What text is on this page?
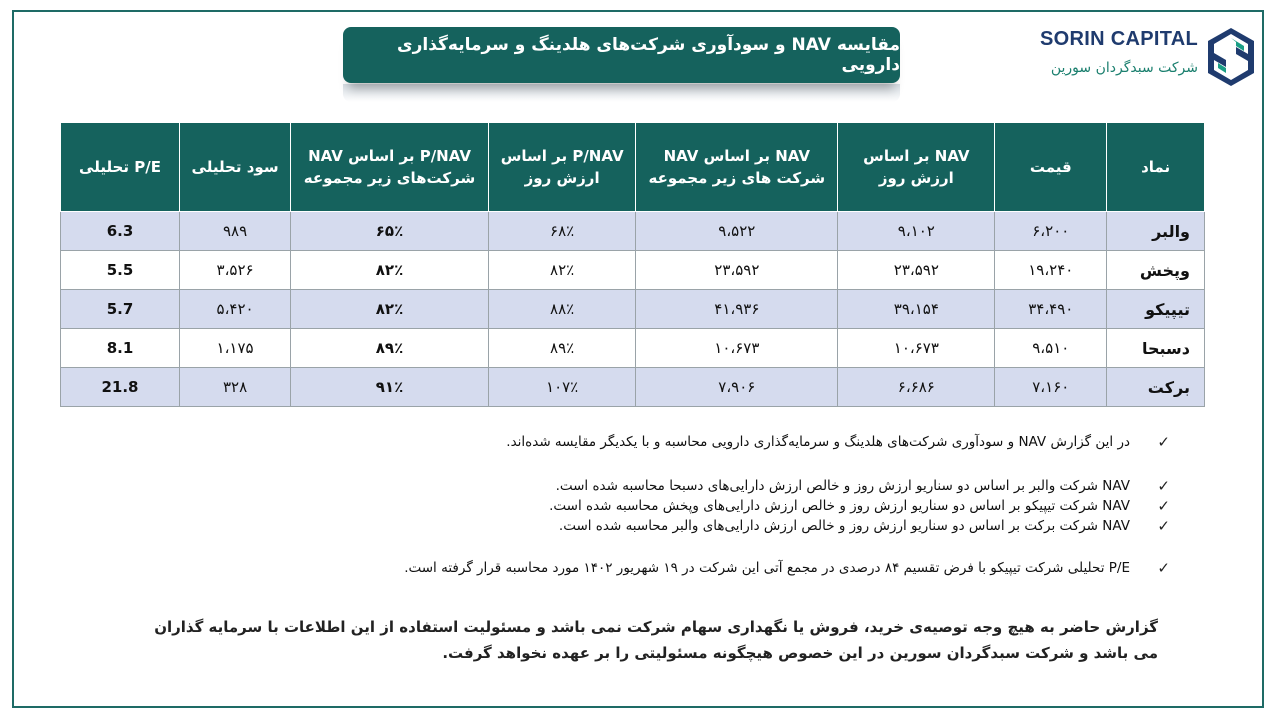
مقایسه NAV و سودآوری شرکت‌های هلدینگ و سرمایه‌گذاری دارویی
SORIN CAPITAL
شرکت سبدگردان سورین
نماد	قیمت	NAV بر اساس ارزش روز	NAV بر اساس NAV شرکت های زیر مجموعه	P/NAV بر اساس ارزش روز	P/NAV بر اساس NAV شرکت‌های زیر مجموعه	سود تحلیلی	P/E تحلیلی
والبر	۶،۲۰۰	۹،۱۰۲	۹،۵۲۲	۶۸٪	۶۵٪	۹۸۹	6.3
وپخش	۱۹،۲۴۰	۲۳،۵۹۲	۲۳،۵۹۲	۸۲٪	۸۲٪	۳،۵۲۶	5.5
تیپیکو	۳۴،۴۹۰	۳۹،۱۵۴	۴۱،۹۳۶	۸۸٪	۸۲٪	۵،۴۲۰	5.7
دسبحا	۹،۵۱۰	۱۰،۶۷۳	۱۰،۶۷۳	۸۹٪	۸۹٪	۱،۱۷۵	8.1
برکت	۷،۱۶۰	۶،۶۸۶	۷،۹۰۶	۱۰۷٪	۹۱٪	۳۲۸	21.8
✓
در این گزارش NAV و سودآوری شرکت‌های هلدینگ و سرمایه‌گذاری دارویی محاسبه و با یکدیگر مقایسه شده‌اند.
✓
NAV شرکت والبر بر اساس دو سناریو ارزش روز و خالص ارزش دارایی‌های دسبحا محاسبه شده است.
✓
NAV شرکت تیپیکو بر اساس دو سناریو ارزش روز و خالص ارزش دارایی‌های وپخش محاسبه شده است.
✓
NAV شرکت برکت بر اساس دو سناریو ارزش روز و خالص ارزش دارایی‌های والبر محاسبه شده است.
✓
P/E تحلیلی شرکت تیپیکو با فرض تقسیم ۸۴ درصدی در مجمع آتی این شرکت در ۱۹ شهریور ۱۴۰۲ مورد محاسبه قرار گرفته است.
گزارش حاضر به هیچ وجه توصیه‌ی خرید، فروش یا نگهداری سهام شرکت نمی باشد و مسئولیت استفاده از این اطلاعات با سرمایه گذاران می باشد و شرکت سبدگردان سورین در این خصوص هیچگونه مسئولیتی را بر عهده نخواهد گرفت.
